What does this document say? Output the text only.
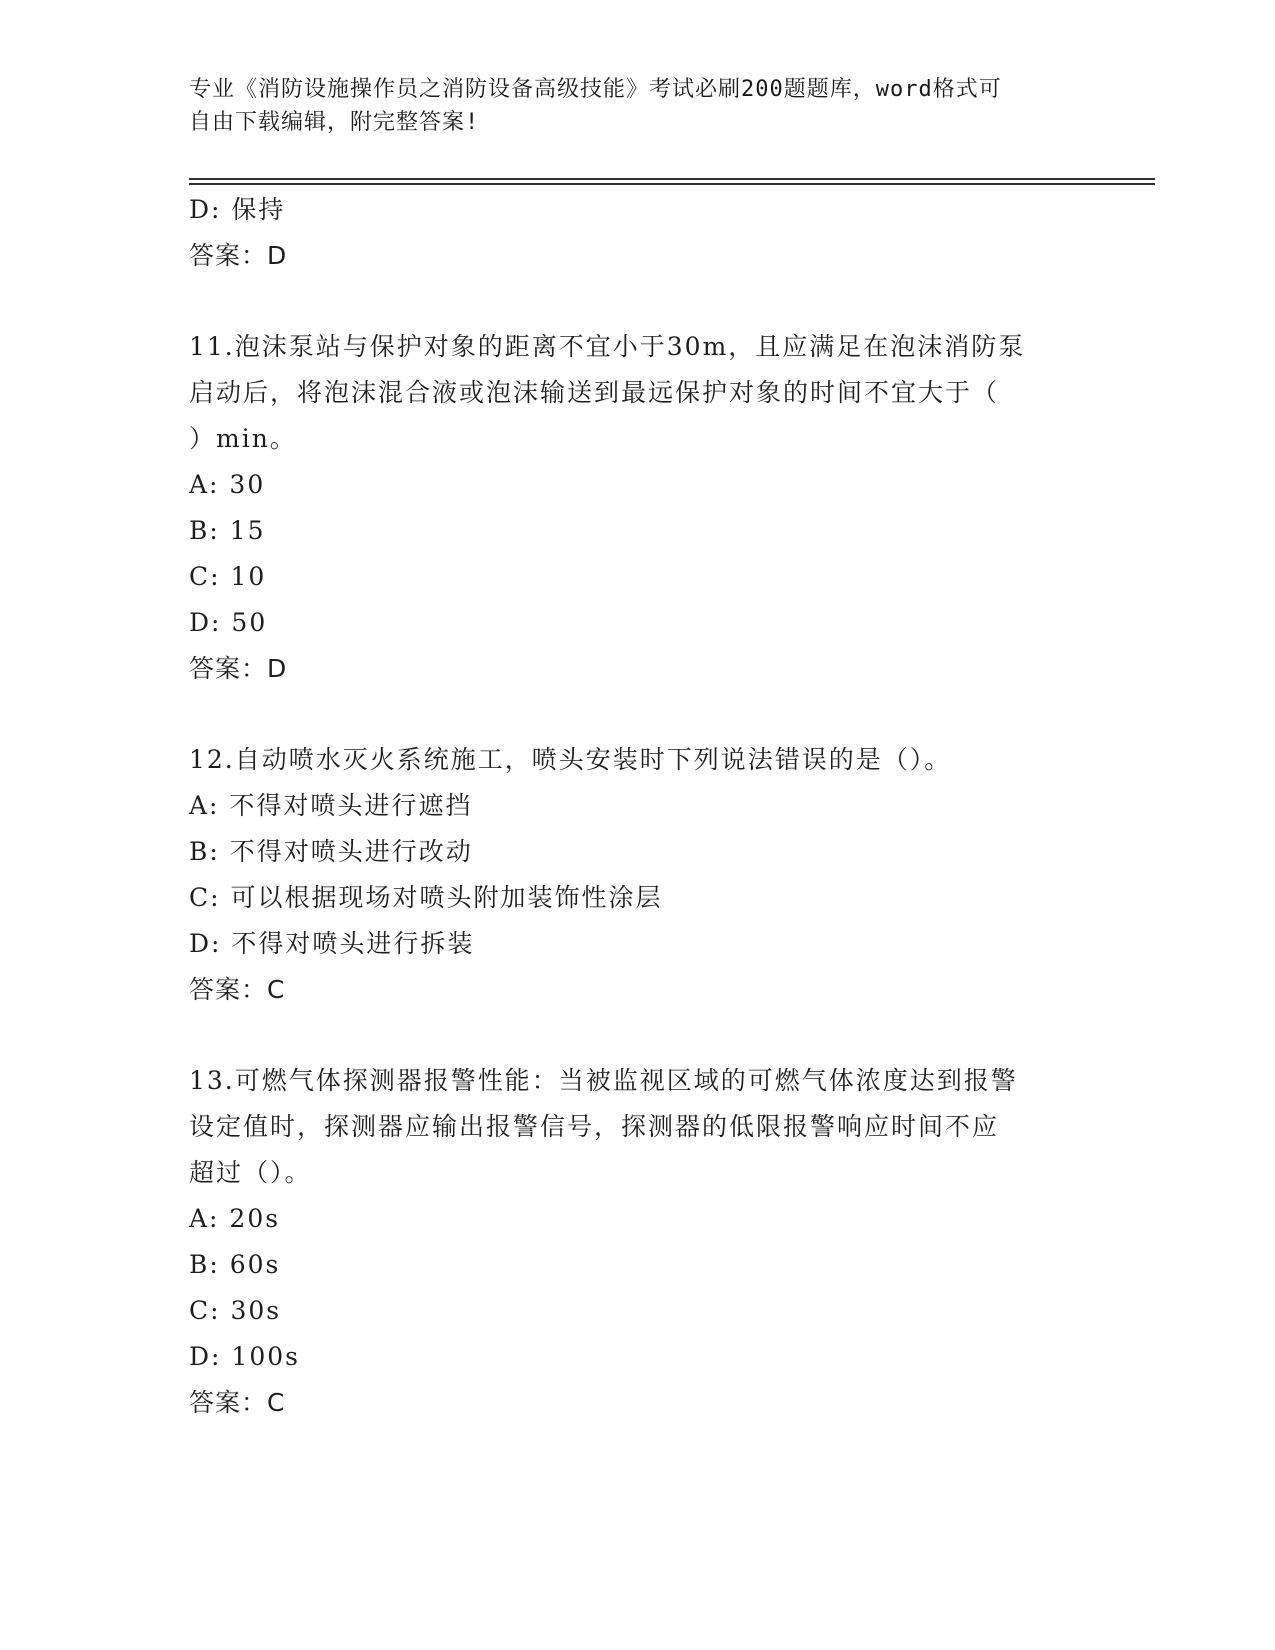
专业《消防设施操作员之消防设备高级技能》考试必刷200题题库，word格式可

自由下载编辑，附完整答案!

D: 保持

答案：D

11.泡沫泵站与保护对象的距离不宜小于30m，且应满足在泡沫消防泵

启动后，将泡沫混合液或泡沫输送到最远保护对象的时间不宜大于（

）min。

A: 30

B: 15

C: 10

D: 50

答案：D

12.自动喷水灭火系统施工，喷头安装时下列说法错误的是（）。

A: 不得对喷头进行遮挡

B: 不得对喷头进行改动

C: 可以根据现场对喷头附加装饰性涂层

D: 不得对喷头进行拆装

答案：C

13.可燃气体探测器报警性能：当被监视区域的可燃气体浓度达到报警

设定值时，探测器应输出报警信号，探测器的低限报警响应时间不应

超过（）。

A: 20s

B: 60s

C: 30s

D: 100s

答案：C
